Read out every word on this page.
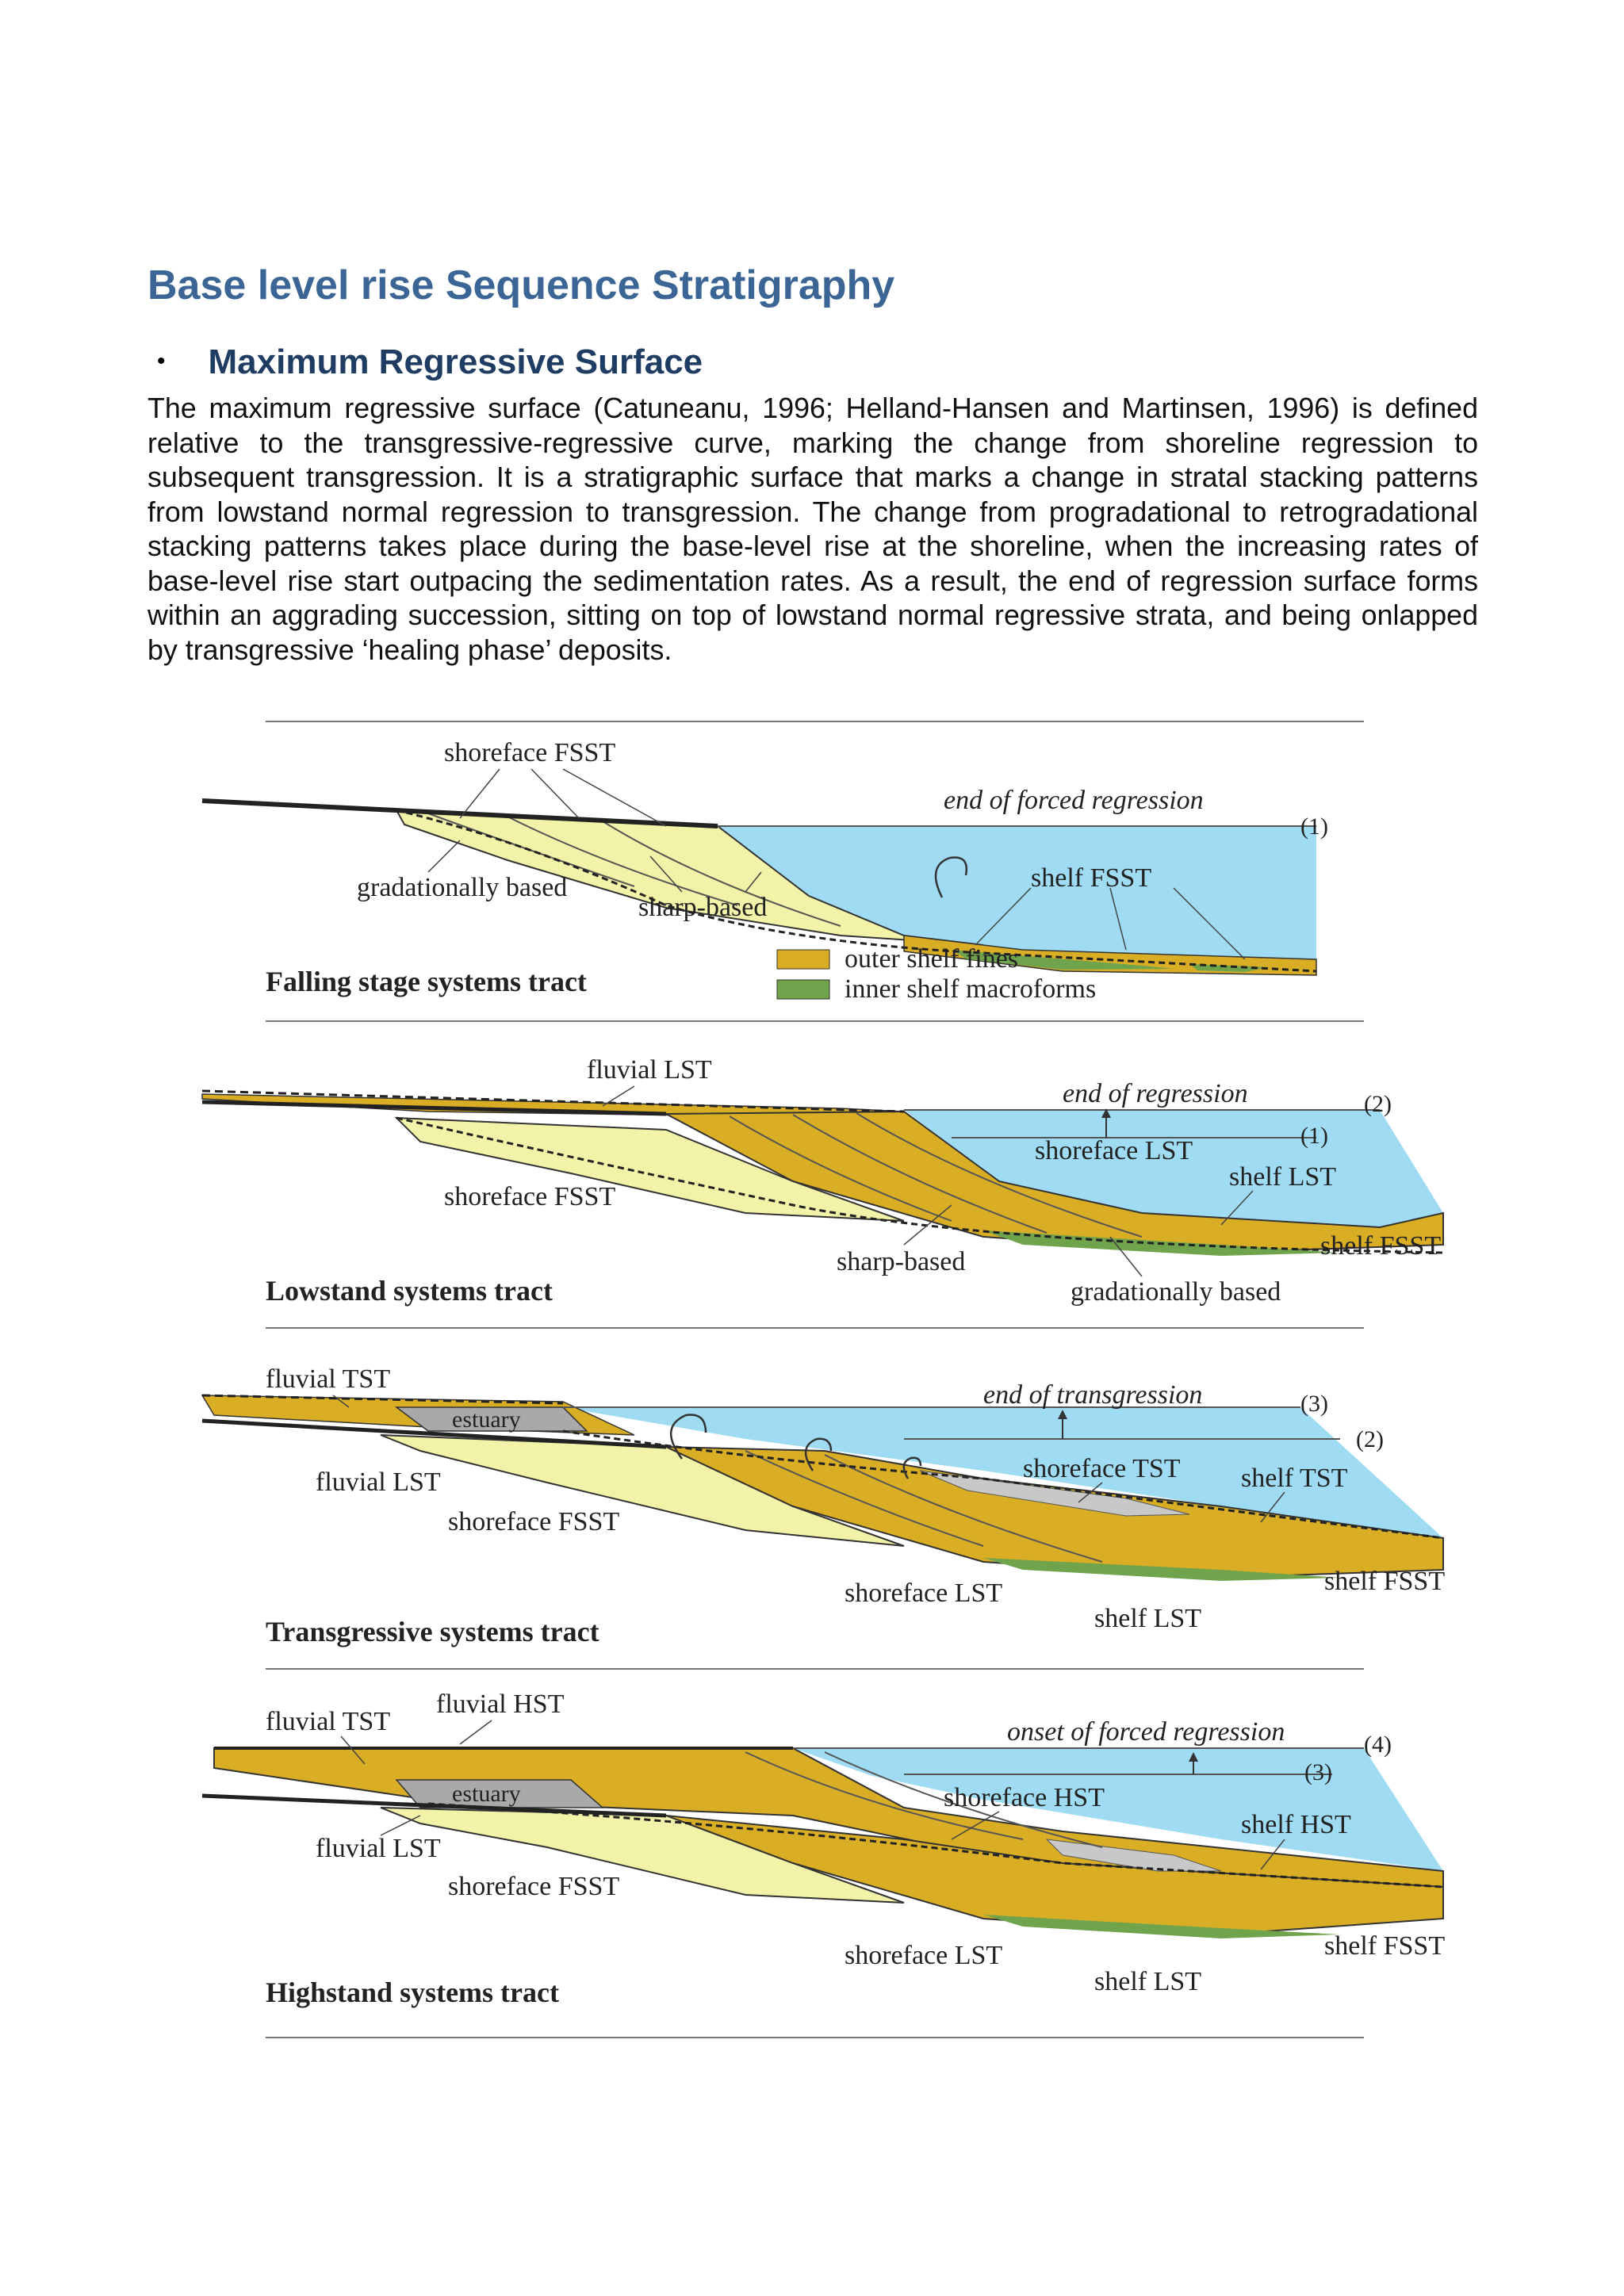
Base level rise Sequence Stratigraphy
• Maximum Regressive Surface

The maximum regressive surface (Catuneanu, 1996; Helland-Hansen and Martinsen, 1996) is defined relative to the transgressive-regressive curve, marking the change from shoreline regression to subsequent transgression. It is a stratigraphic surface that marks a change in stratal stacking patterns from lowstand normal regression to transgression. The change from progradational to retrogradational stacking patterns takes place during the base-level rise at the shoreline, when the increasing rates of base-level rise start outpacing the sedimentation rates. As a result, the end of regression surface forms within an aggrading succession, sitting on top of lowstand normal regressive strata, and being onlapped by transgressive ‘healing phase’ deposits.

shoreface FSST
end of forced regression
(1)
gradationally based
sharp-based
shelf FSST
outer shelf fines
inner shelf macroforms
Falling stage systems tract
fluvial LST
end of regression	(2)
(1)
shoreface LST
shelf LST
shoreface FSST
shelf FSST
sharp-based
gradationally based
Lowstand systems tract
fluvial TST
end of transgression	(3)
estuary
(2)
shoreface TST
fluvial LST	shelf TST
shoreface FSST
shelf FSST
shoreface LST
shelf LST
Transgressive systems tract
fluvial HST
fluvial TST	onset of forced regression	(4)
(3)
estuary	shoreface HST
shelf HST
fluvial LST
shoreface FSST
shelf FSST
shoreface LST
shelf LST
Highstand systems tract
